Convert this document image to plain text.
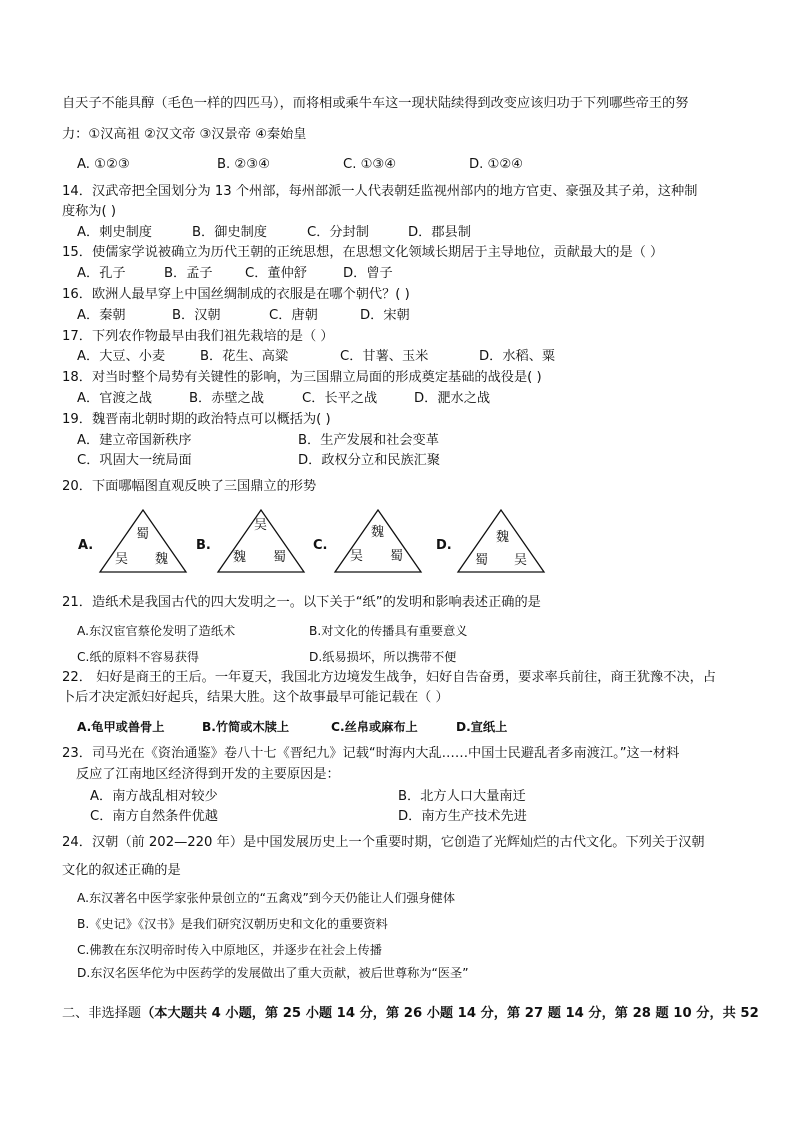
自天子不能具醇（毛色一样的四匹马），而将相或乘牛车这一现状陆续得到改变应该归功于下列哪些帝王的努
力：①汉高祖 ②汉文帝 ③汉景帝 ④秦始皇
A. ①②③	B. ②③④	C. ①③④	D. ①②④
14．汉武帝把全国划分为 13 个州部，每州部派一人代表朝廷监视州部内的地方官吏、豪强及其子弟，这种制
度称为( )
A．刺史制度	B．御史制度	C．分封制	D．郡县制
15．使儒家学说被确立为历代王朝的正统思想，在思想文化领域长期居于主导地位，贡献最大的是（ ）
A．孔子	B．孟子 C．董仲舒	D．曾子
16．欧洲人最早穿上中国丝绸制成的衣服是在哪个朝代？( )
A．秦朝	B．汉朝	C．唐朝	D．宋朝
17．下列农作物最早由我们祖先栽培的是（ ）
A．大豆、小麦	B．花生、高粱	C．甘薯、玉米	D．水稻、粟
18．对当时整个局势有关键性的影响，为三国鼎立局面的形成奠定基础的战役是( )
A．官渡之战	B．赤壁之战	C．长平之战	D．淝水之战
19．魏晋南北朝时期的政治特点可以概括为( )
A．建立帝国新秩序	B．生产发展和社会变革
C．巩固大一统局面	D．政权分立和民族汇聚
20．下面哪幅图直观反映了三国鼎立的形势
A.
蜀
吴 魏
B.
吴
魏 蜀
C.
魏
吴 蜀
D.
魏
蜀 吴
21．造纸术是我国古代的四大发明之一。以下关于“纸”的发明和影响表述正确的是
A.东汉宦官蔡伦发明了造纸术	B.对文化的传播具有重要意义
C.纸的原料不容易获得	D.纸易损坏，所以携带不便
22． 妇好是商王的王后。一年夏天，我国北方边境发生战争，妇好自告奋勇，要求率兵前往，商王犹豫不决，占
卜后才决定派妇好起兵，结果大胜。这个故事最早可能记载在（ ）
A.龟甲或兽骨上	B.竹简或木牍上	C.丝帛或麻布上	D.宣纸上
23．司马光在《资治通鉴》卷八十七《晋纪九》记载“时海内大乱……中国士民避乱者多南渡江。”这一材料
反应了江南地区经济得到开发的主要原因是：
A．南方战乱相对较少	B．北方人口大量南迁
C．南方自然条件优越	D．南方生产技术先进
24．汉朝（前 202—220 年）是中国发展历史上一个重要时期，它创造了光辉灿烂的古代文化。下列关于汉朝
文化的叙述正确的是
A.东汉著名中医学家张仲景创立的“五禽戏”到今天仍能让人们强身健体
B.《史记》《汉书》是我们研究汉朝历史和文化的重要资料
C.佛教在东汉明帝时传入中原地区，并逐步在社会上传播
D.东汉名医华佗为中医药学的发展做出了重大贡献，被后世尊称为“医圣”
二、非选择题（本大题共 4 小题，第 25 小题 14 分，第 26 小题 14 分，第 27 题 14 分，第 28 题 10 分，共 52
